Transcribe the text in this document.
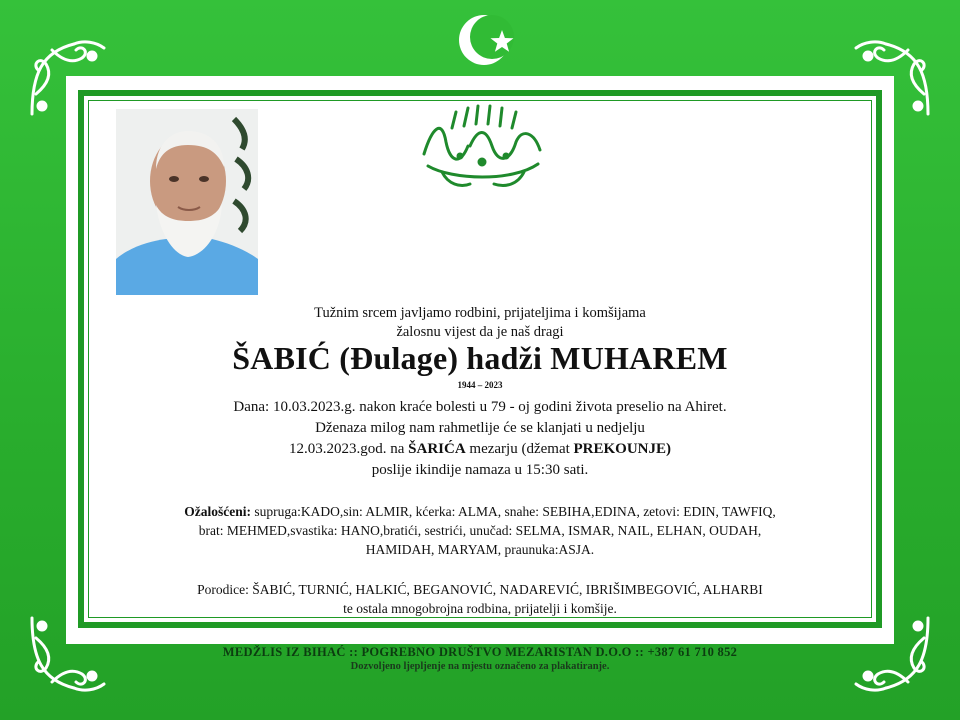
Tužnim srcem javljamo rodbini, prijateljima i komšijama
žalosnu vijest da je naš dragi
ŠABIĆ (Đulage) hadži MUHAREM
1944 – 2023
Dana: 10.03.2023.g. nakon kraće bolesti u 79 - oj godini života preselio na Ahiret.
Dženaza milog nam rahmetlije će se klanjati u nedjelju
12.03.2023.god. na ŠARIĆA mezarju (džemat PREKOUNJE)
poslije ikindije namaza u 15:30 sati.
Ožalošćeni: supruga:KADO,sin: ALMIR, kćerka: ALMA, snahe: SEBIHA,EDINA, zetovi: EDIN, TAWFIQ,
brat: MEHMED,svastika: HANO,bratići, sestrići, unučad: SELMA, ISMAR, NAIL, ELHAN, OUDAH,
HAMIDAH, MARYAM, praunuka:ASJA.
Porodice: ŠABIĆ, TURNIĆ, HALKIĆ, BEGANOVIĆ, NADAREVIĆ, IBRIŠIMBEGOVIĆ, ALHARBI
te ostala mnogobrojna rodbina, prijatelji i komšije.
MEDŽLIS IZ BIHAĆ :: POGREBNO DRUŠTVO MEZARISTAN D.O.O :: +387 61 710 852
Dozvoljeno ljepljenje na mjestu označeno za plakatiranje.
